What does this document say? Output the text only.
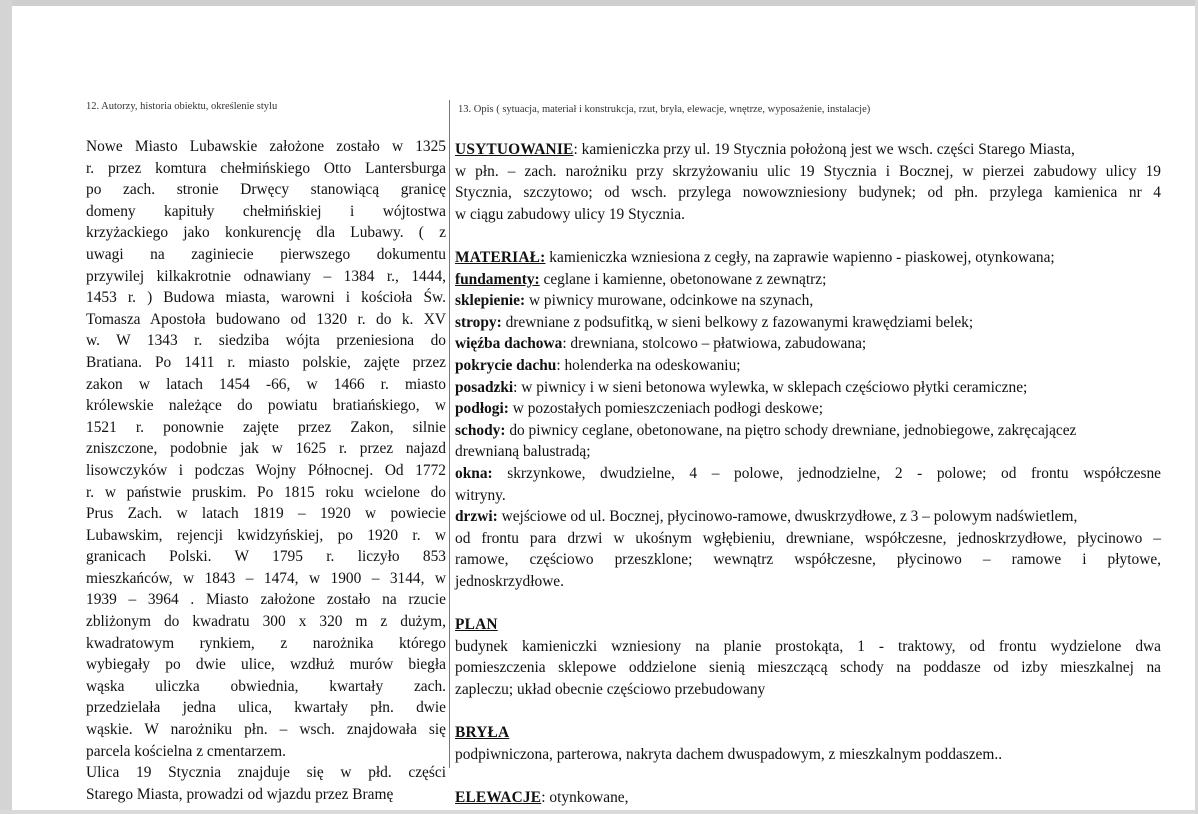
12. Autorzy, historia obiektu, określenie stylu	13. Opis ( sytuacja, materiał i konstrukcja, rzut, bryła, elewacje, wnętrze, wyposażenie, instalacje)
Nowe Miasto Lubawskie założone zostało w 1325
r. przez komtura chełmińskiego Otto Lantersburga
po zach. stronie Drwęcy stanowiącą granicę
domeny kapituły chełmińskiej i wójtostwa
krzyżackiego jako konkurencję dla Lubawy. ( z
uwagi na zaginiecie pierwszego dokumentu
przywilej kilkakrotnie odnawiany – 1384 r., 1444,
1453 r. ) Budowa miasta, warowni i kościoła Św.
Tomasza Apostoła budowano od 1320 r. do k. XV
w. W 1343 r. siedziba wójta przeniesiona do
Bratiana. Po 1411 r. miasto polskie, zajęte przez
zakon w latach 1454 -66, w 1466 r. miasto
królewskie należące do powiatu bratiańskiego, w
1521 r. ponownie zajęte przez Zakon, silnie
zniszczone, podobnie jak w 1625 r. przez najazd
lisowczyków i podczas Wojny Północnej. Od 1772
r. w państwie pruskim. Po 1815 roku wcielone do
Prus Zach. w latach 1819 – 1920 w powiecie
Lubawskim, rejencji kwidzyńskiej, po 1920 r. w
granicach Polski. W 1795 r. liczyło 853
mieszkańców, w 1843 – 1474, w 1900 – 3144, w
1939 – 3964 . Miasto założone zostało na rzucie
zbliżonym do kwadratu 300 x 320 m z dużym,
kwadratowym rynkiem, z narożnika którego
wybiegały po dwie ulice, wzdłuż murów biegła
wąska uliczka obwiednia, kwartały zach.
przedzielała jedna ulica, kwartały płn. dwie
wąskie. W narożniku płn. – wsch. znajdowała się
parcela kościelna z cmentarzem.
Ulica 19 Stycznia znajduje się w płd. części
Starego Miasta, prowadzi od wjazdu przez Bramę
USYTUOWANIE: kamieniczka przy ul. 19 Stycznia położoną jest we wsch. części Starego Miasta,
w płn. – zach. narożniku przy skrzyżowaniu ulic 19 Stycznia i Bocznej, w pierzei zabudowy ulicy 19
Stycznia, szczytowo; od wsch. przylega nowowzniesiony budynek; od płn. przylega kamienica nr 4
w ciągu zabudowy ulicy 19 Stycznia.
MATERIAŁ: kamieniczka wzniesiona z cegły, na zaprawie wapienno - piaskowej, otynkowana;
fundamenty: ceglane i kamienne, obetonowane z zewnątrz;
sklepienie: w piwnicy murowane, odcinkowe na szynach,
stropy: drewniane z podsufitką, w sieni belkowy z fazowanymi krawędziami belek;
więźba dachowa: drewniana, stolcowo – płatwiowa, zabudowana;
pokrycie dachu: holenderka na odeskowaniu;
posadzki: w piwnicy i w sieni betonowa wylewka, w sklepach częściowo płytki ceramiczne;
podłogi: w pozostałych pomieszczeniach podłogi deskowe;
schody: do piwnicy ceglane, obetonowane, na piętro schody drewniane, jednobiegowe, zakręcającez
drewnianą balustradą;
okna: skrzynkowe, dwudzielne, 4 – polowe, jednodzielne, 2 - polowe; od frontu współczesne
witryny.
drzwi: wejściowe od ul. Bocznej, płycinowo-ramowe, dwuskrzydłowe, z 3 – polowym nadświetlem,
od frontu para drzwi w ukośnym wgłębieniu, drewniane, współczesne, jednoskrzydłowe, płycinowo –
ramowe, częściowo przeszklone; wewnątrz współczesne, płycinowo – ramowe i płytowe,
jednoskrzydłowe.
PLAN
budynek kamieniczki wzniesiony na planie prostokąta, 1 - traktowy, od frontu wydzielone dwa
pomieszczenia sklepowe oddzielone sienią mieszczącą schody na poddasze od izby mieszkalnej na
zapleczu; układ obecnie częściowo przebudowany
BRYŁA
podpiwniczona, parterowa, nakryta dachem dwuspadowym, z mieszkalnym poddaszem..
ELEWACJE: otynkowane,
